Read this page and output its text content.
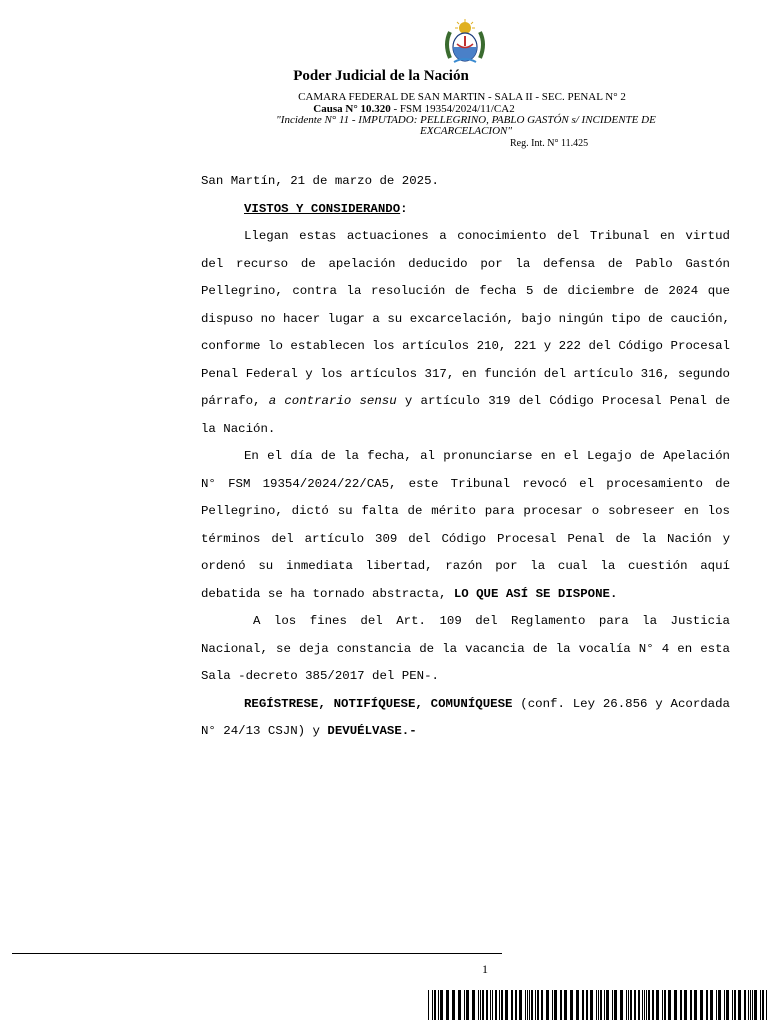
Poder Judicial de la Nación
CAMARA FEDERAL DE SAN MARTIN - SALA II - SEC. PENAL N° 2
Causa N° 10.320 - FSM 19354/2024/11/CA2
"Incidente N° 11 - IMPUTADO: PELLEGRINO, PABLO GASTÓN s/ INCIDENTE DE EXCARCELACION"
Reg. Int. N° 11.425

San Martín, 21 de marzo de 2025.

VISTOS Y CONSIDERANDO:

Llegan estas actuaciones a conocimiento del Tribunal en virtud del recurso de apelación deducido por la defensa de Pablo Gastón Pellegrino, contra la resolución de fecha 5 de diciembre de 2024 que dispuso no hacer lugar a su excarcelación, bajo ningún tipo de caución, conforme lo establecen los artículos 210, 221 y 222 del Código Procesal Penal Federal y los artículos 317, en función del artículo 316, segundo párrafo, a contrario sensu y artículo 319 del Código Procesal Penal de la Nación.

En el día de la fecha, al pronunciarse en el Legajo de Apelación N° FSM 19354/2024/22/CA5, este Tribunal revocó el procesamiento de Pellegrino, dictó su falta de mérito para procesar o sobreseer en los términos del artículo 309 del Código Procesal Penal de la Nación y ordenó su inmediata libertad, razón por la cual la cuestión aquí debatida se ha tornado abstracta, LO QUE ASÍ SE DISPONE.

A los fines del Art. 109 del Reglamento para la Justicia Nacional, se deja constancia de la vacancia de la vocalía N° 4 en esta Sala -decreto 385/2017 del PEN-.

REGÍSTRESE, NOTIFÍQUESE, COMUNÍQUESE (conf. Ley 26.856 y Acordada N° 24/13 CSJN) y DEVUÉLVASE.-

1
